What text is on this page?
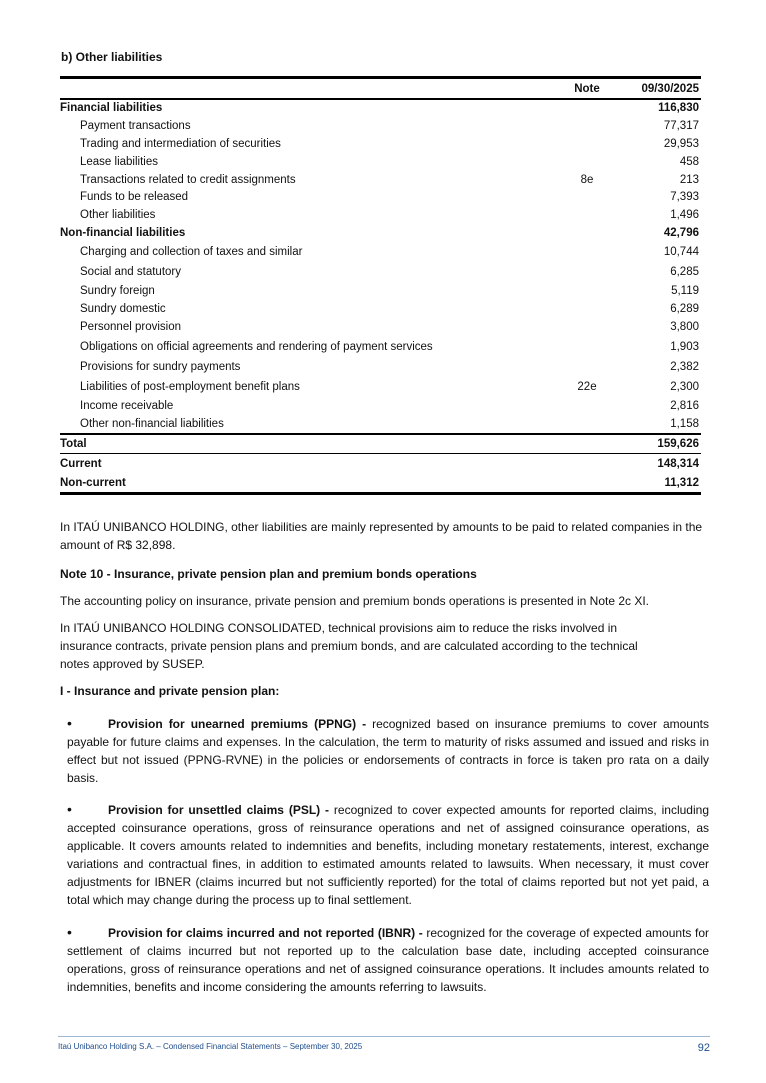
b) Other liabilities
Note	09/30/2025
Financial liabilities	116,830
Payment transactions	77,317
Trading and intermediation of securities	29,953
Lease liabilities	458
Transactions related to credit assignments	8e	213
Funds to be released	7,393
Other liabilities	1,496
Non-financial liabilities	42,796
Charging and collection of taxes and similar	10,744
Social and statutory	6,285
Sundry foreign	5,119
Sundry domestic	6,289
Personnel provision	3,800
Obligations on official agreements and rendering of payment services	1,903
Provisions for sundry payments	2,382
Liabilities of post-employment benefit plans	22e	2,300
Income receivable	2,816
Other non-financial liabilities	1,158
Total	159,626
Current	148,314
Non-current	11,312

In ITAÚ UNIBANCO HOLDING, other liabilities are mainly represented by amounts to be paid to related companies in the amount of R$ 32,898.

Note 10 - Insurance, private pension plan and premium bonds operations

The accounting policy on insurance, private pension and premium bonds operations is presented in Note 2c XI.

In ITAÚ UNIBANCO HOLDING CONSOLIDATED, technical provisions aim to reduce the risks involved in insurance contracts, private pension plans and premium bonds, and are calculated according to the technical notes approved by SUSEP.

I - Insurance and private pension plan:

•	Provision for unearned premiums (PPNG) - recognized based on insurance premiums to cover amounts payable for future claims and expenses. In the calculation, the term to maturity of risks assumed and issued and risks in effect but not issued (PPNG-RVNE) in the policies or endorsements of contracts in force is taken pro rata on a daily basis.

•	Provision for unsettled claims (PSL) - recognized to cover expected amounts for reported claims, including accepted coinsurance operations, gross of reinsurance operations and net of assigned coinsurance operations, as applicable. It covers amounts related to indemnities and benefits, including monetary restatements, interest, exchange variations and contractual fines, in addition to estimated amounts related to lawsuits. When necessary, it must cover adjustments for IBNER (claims incurred but not sufficiently reported) for the total of claims reported but not yet paid, a total which may change during the process up to final settlement.

•	Provision for claims incurred and not reported (IBNR) - recognized for the coverage of expected amounts for settlement of claims incurred but not reported up to the calculation base date, including accepted coinsurance operations, gross of reinsurance operations and net of assigned coinsurance operations. It includes amounts related to indemnities, benefits and income considering the amounts referring to lawsuits.

Itaú Unibanco Holding S.A. – Condensed Financial Statements – September 30, 2025	92
